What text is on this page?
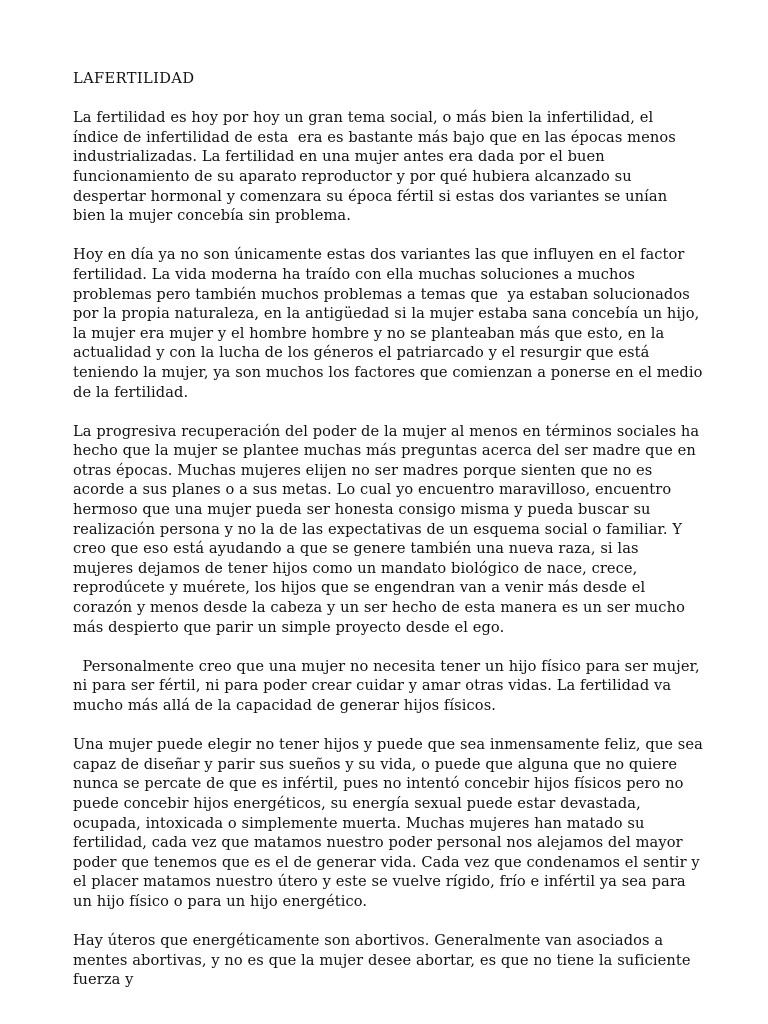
LAFERTILIDAD

La fertilidad es hoy por hoy un gran tema social, o más bien la infertilidad, el índice de infertilidad de esta  era es bastante más bajo que en las épocas menos industrializadas. La fertilidad en una mujer antes era dada por el buen funcionamiento de su aparato reproductor y por qué hubiera alcanzado su despertar hormonal y comenzara su época fértil si estas dos variantes se unían bien la mujer concebía sin problema.

Hoy en día ya no son únicamente estas dos variantes las que influyen en el factor fertilidad. La vida moderna ha traído con ella muchas soluciones a muchos problemas pero también muchos problemas a temas que  ya estaban solucionados por la propia naturaleza, en la antigüedad si la mujer estaba sana concebía un hijo, la mujer era mujer y el hombre hombre y no se planteaban más que esto, en la actualidad y con la lucha de los géneros el patriarcado y el resurgir que está teniendo la mujer, ya son muchos los factores que comienzan a ponerse en el medio de la fertilidad.

La progresiva recuperación del poder de la mujer al menos en términos sociales ha hecho que la mujer se plantee muchas más preguntas acerca del ser madre que en otras épocas. Muchas mujeres elijen no ser madres porque sienten que no es acorde a sus planes o a sus metas. Lo cual yo encuentro maravilloso, encuentro hermoso que una mujer pueda ser honesta consigo misma y pueda buscar su realización persona y no la de las expectativas de un esquema social o familiar. Y creo que eso está ayudando a que se genere también una nueva raza, si las mujeres dejamos de tener hijos como un mandato biológico de nace, crece, reprodúcete y muérete, los hijos que se engendran van a venir más desde el corazón y menos desde la cabeza y un ser hecho de esta manera es un ser mucho más despierto que parir un simple proyecto desde el ego.

Personalmente creo que una mujer no necesita tener un hijo físico para ser mujer, ni para ser fértil, ni para poder crear cuidar y amar otras vidas. La fertilidad va mucho más allá de la capacidad de generar hijos físicos.

Una mujer puede elegir no tener hijos y puede que sea inmensamente feliz, que sea capaz de diseñar y parir sus sueños y su vida, o puede que alguna que no quiere nunca se percate de que es infértil, pues no intentó concebir hijos físicos pero no puede concebir hijos energéticos, su energía sexual puede estar devastada, ocupada, intoxicada o simplemente muerta. Muchas mujeres han matado su fertilidad, cada vez que matamos nuestro poder personal nos alejamos del mayor poder que tenemos que es el de generar vida. Cada vez que condenamos el sentir y el placer matamos nuestro útero y este se vuelve rígido, frío e infértil ya sea para un hijo físico o para un hijo energético.

Hay úteros que energéticamente son abortivos. Generalmente van asociados a mentes abortivas, y no es que la mujer desee abortar, es que no tiene la suficiente fuerza y
